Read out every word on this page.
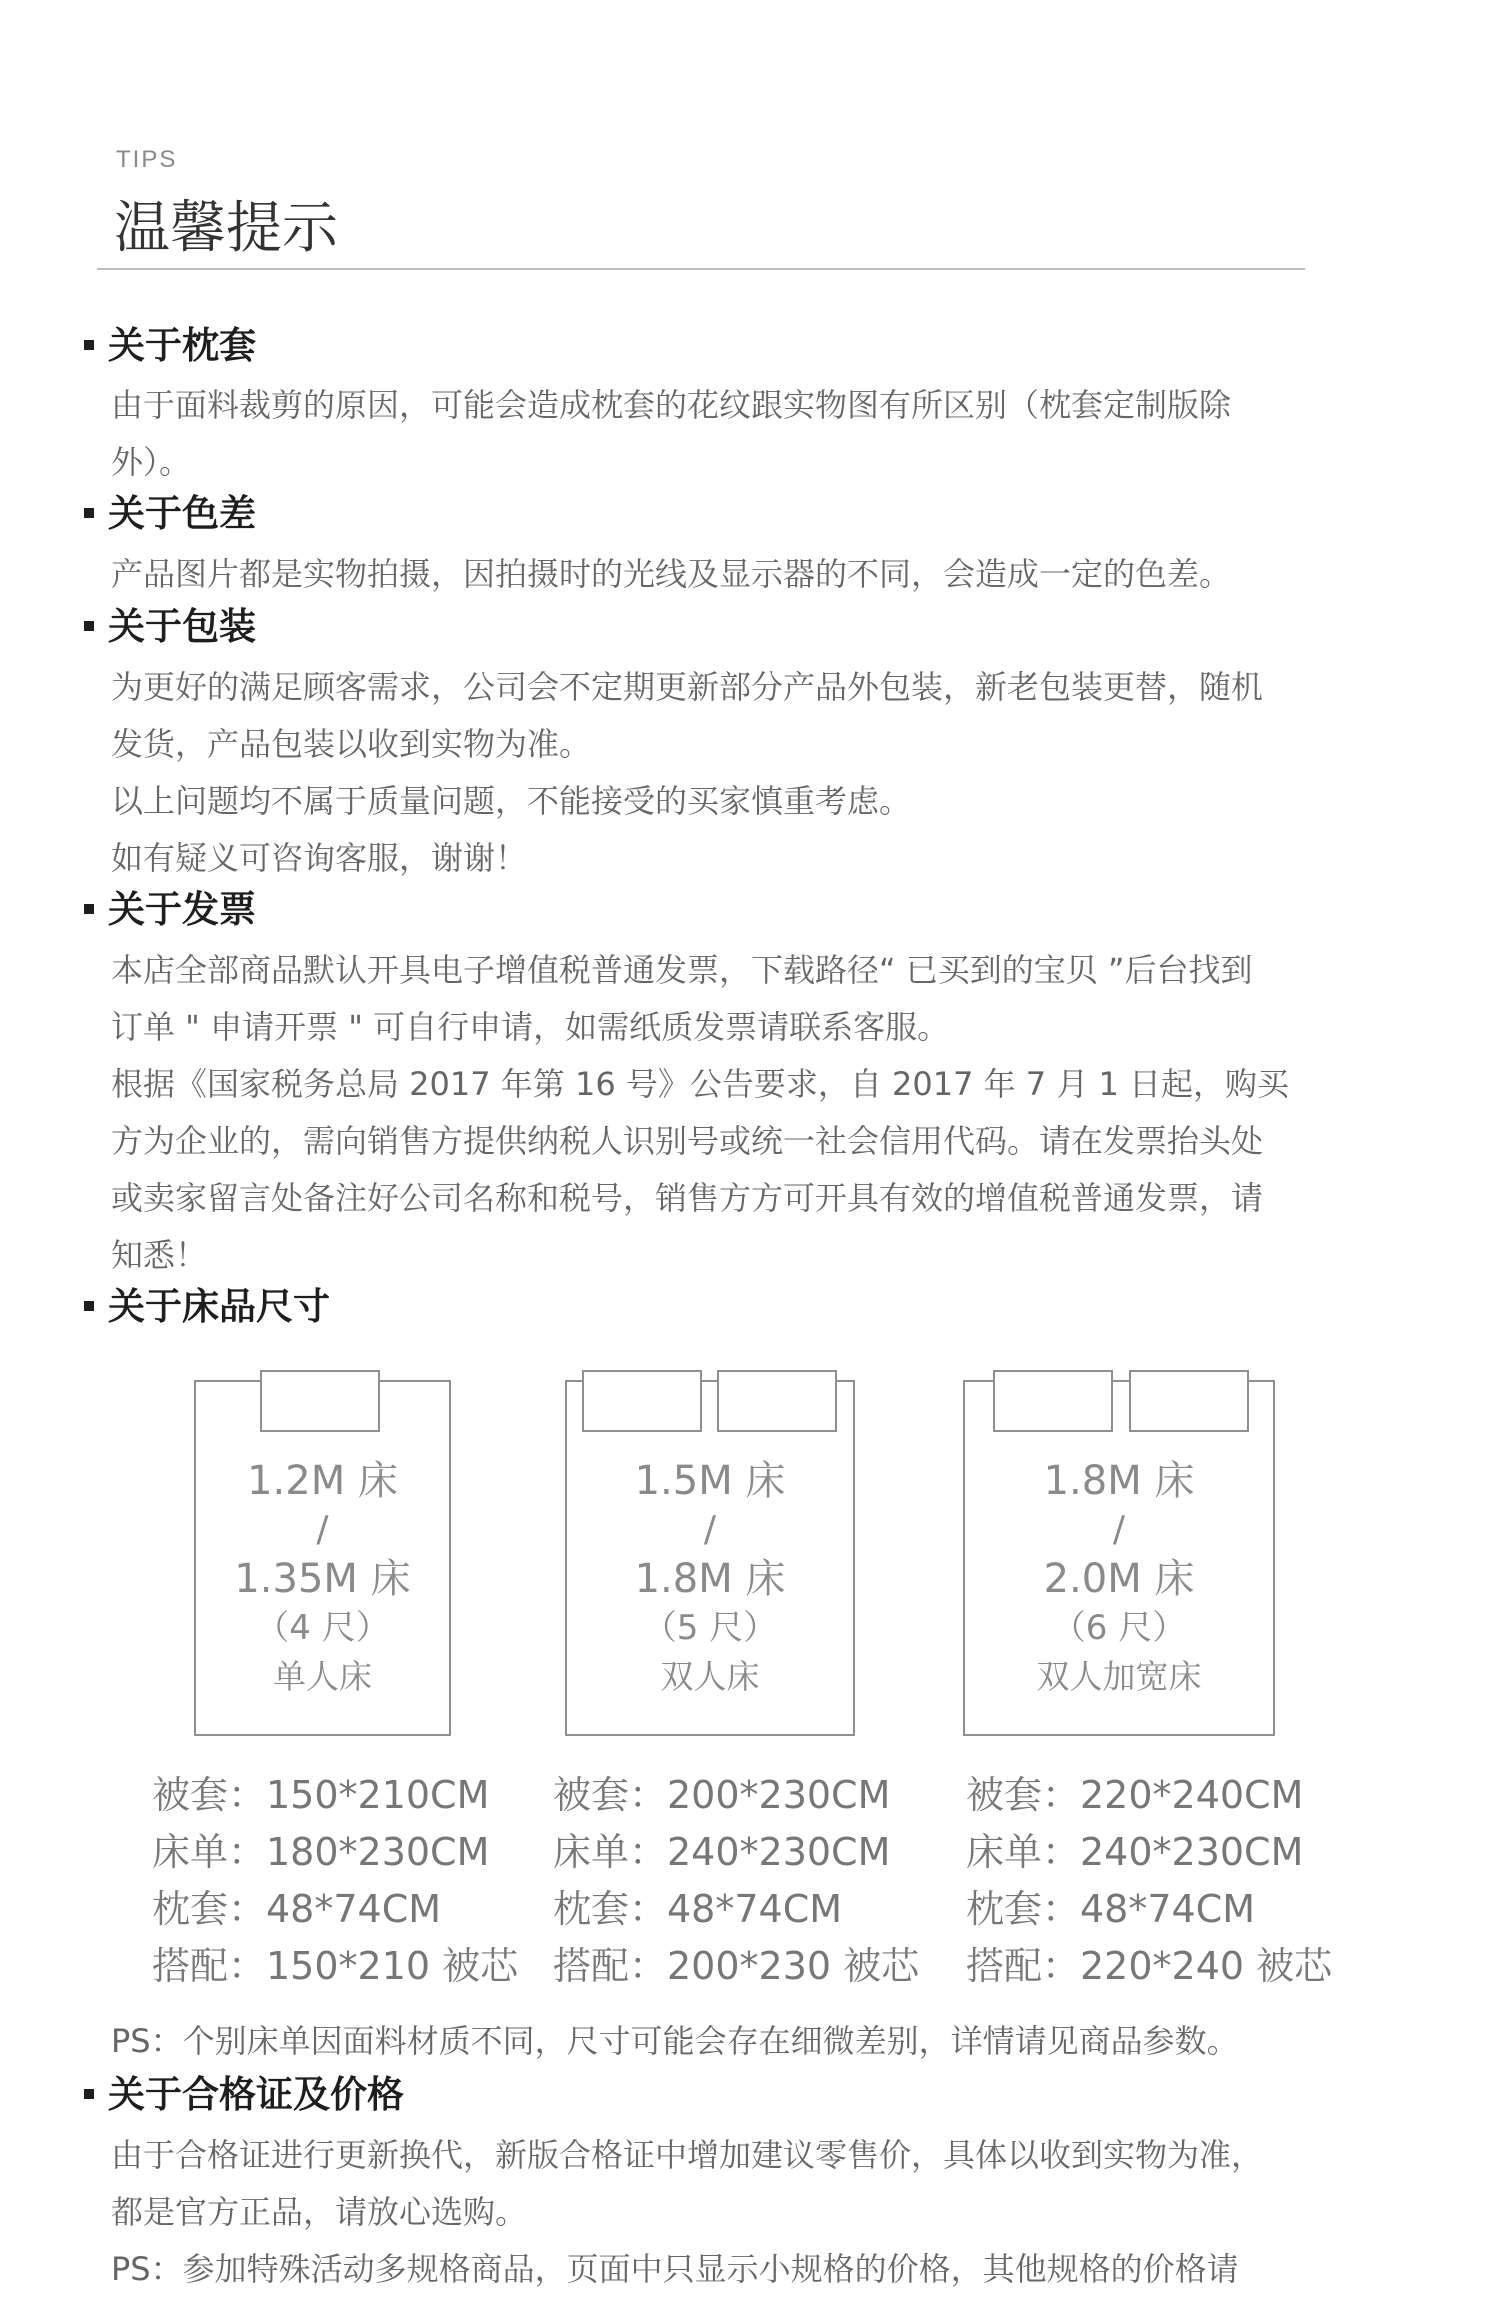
TIPS
温馨提示
关于枕套

由于面料裁剪的原因，可能会造成枕套的花纹跟实物图有所区别（枕套定制版除

外）。

关于色差

产品图片都是实物拍摄，因拍摄时的光线及显示器的不同，会造成一定的色差。

关于包装

为更好的满足顾客需求，公司会不定期更新部分产品外包装，新老包装更替，随机

发货，产品包装以收到实物为准。

以上问题均不属于质量问题，不能接受的买家慎重考虑。

如有疑义可咨询客服，谢谢！

关于发票

本店全部商品默认开具电子增值税普通发票，下载路径“ 已买到的宝贝 ”后台找到

订单 " 申请开票 " 可自行申请，如需纸质发票请联系客服。

根据《国家税务总局 2017 年第 16 号》公告要求，自 2017 年 7 月 1 日起，购买

方为企业的，需向销售方提供纳税人识别号或统一社会信用代码。请在发票抬头处

或卖家留言处备注好公司名称和税号，销售方方可开具有效的增值税普通发票，请

知悉！

关于床品尺寸
1.2M 床
/
1.35M 床
（4 尺）
单人床
1.5M 床
/
1.8M 床
（5 尺）
双人床
1.8M 床
/
2.0M 床
（6 尺）
双人加宽床

被套：150*210CM

床单：180*230CM

枕套：48*74CM

搭配：150*210 被芯

被套：200*230CM

床单：240*230CM

枕套：48*74CM

搭配：200*230 被芯

被套：220*240CM

床单：240*230CM

枕套：48*74CM

搭配：220*240 被芯

PS：个别床单因面料材质不同，尺寸可能会存在细微差别，详情请见商品参数。

关于合格证及价格

由于合格证进行更新换代，新版合格证中增加建议零售价，具体以收到实物为准，

都是官方正品，请放心选购。

PS：参加特殊活动多规格商品，页面中只显示小规格的价格，其他规格的价格请
